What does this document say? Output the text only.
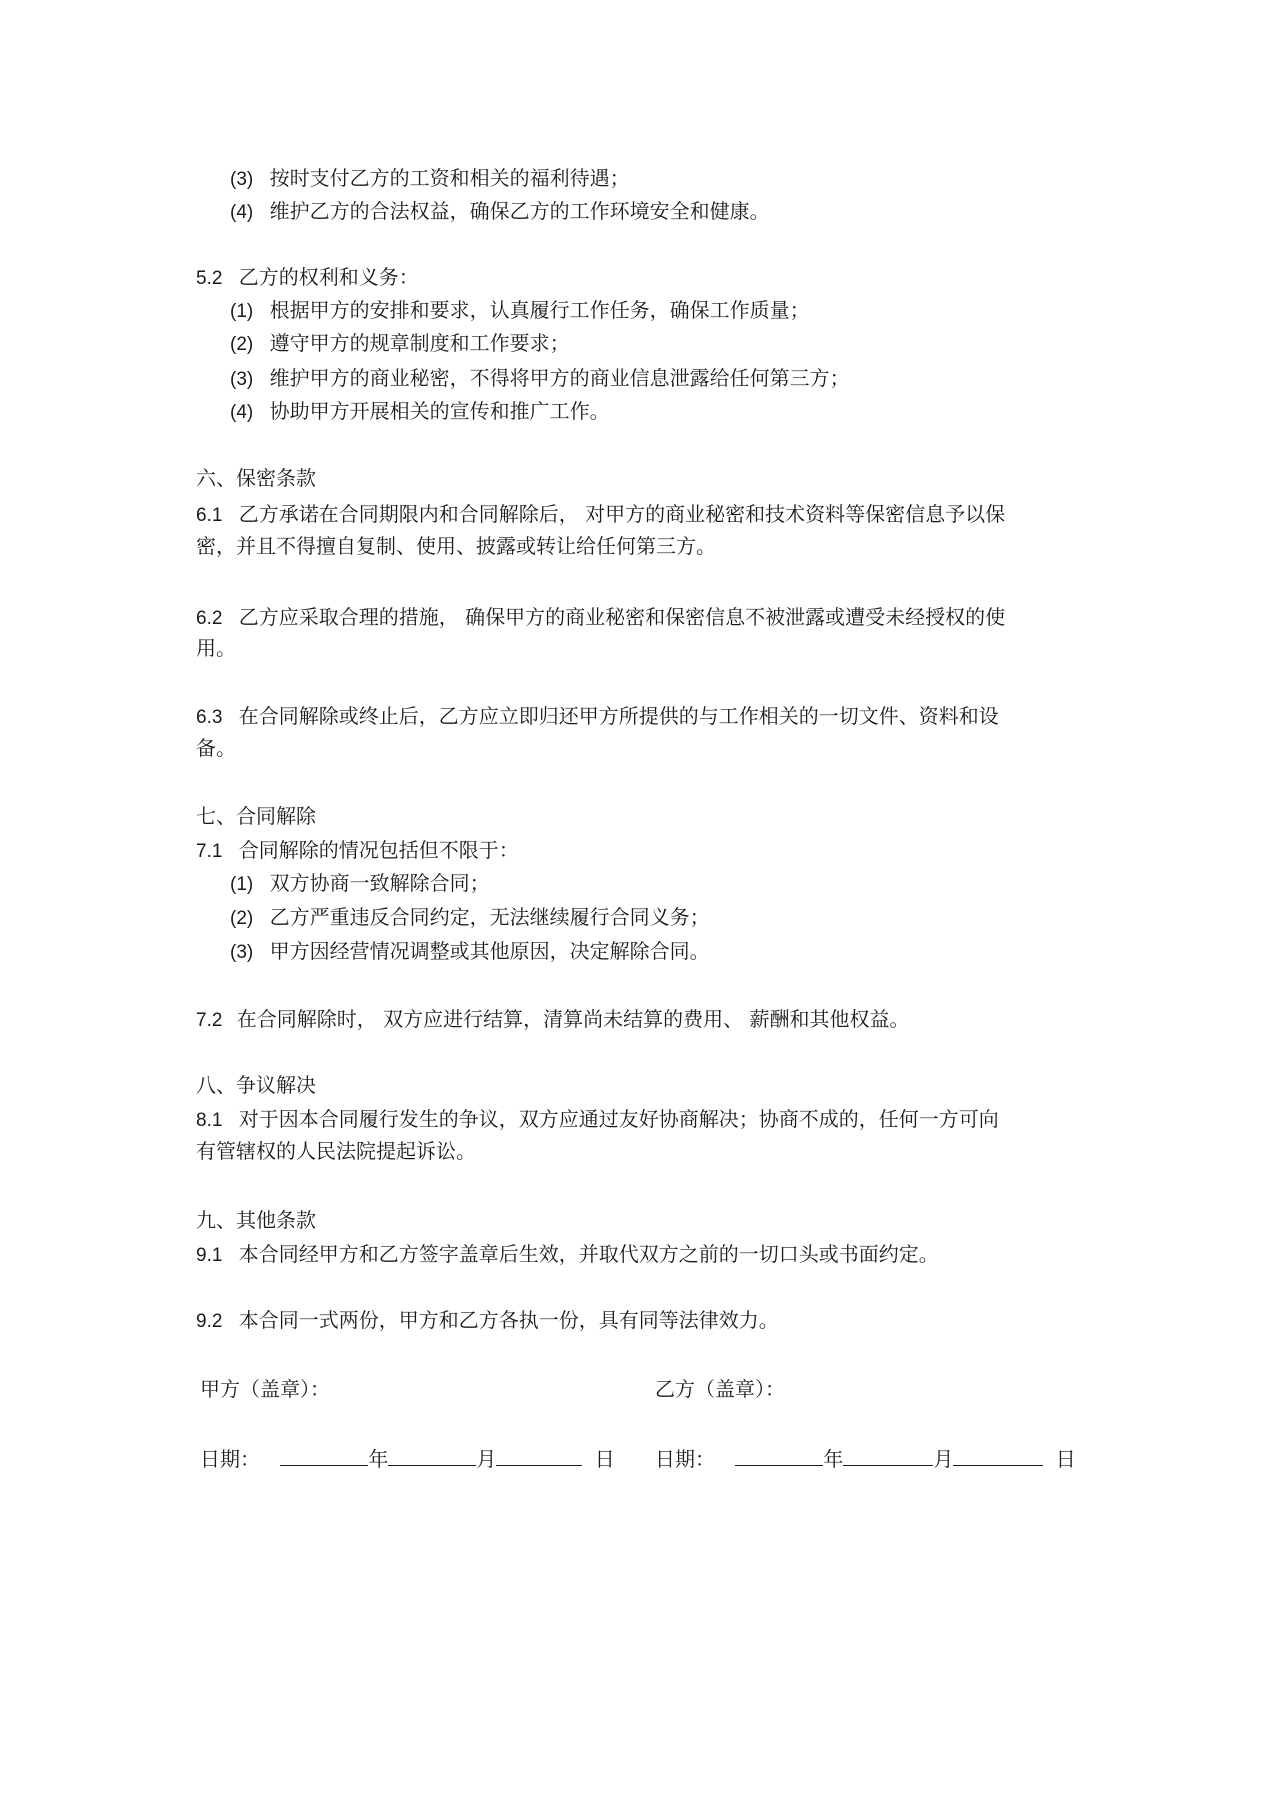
(3) 按时支付乙方的工资和相关的福利待遇；
(4) 维护乙方的合法权益，确保乙方的工作环境安全和健康。
5.2 乙方的权利和义务：
(1) 根据甲方的安排和要求，认真履行工作任务，确保工作质量；
(2) 遵守甲方的规章制度和工作要求；
(3) 维护甲方的商业秘密，不得将甲方的商业信息泄露给任何第三方；
(4) 协助甲方开展相关的宣传和推广工作。
六、保密条款
6.1 乙方承诺在合同期限内和合同解除后， 对甲方的商业秘密和技术资料等保密信息予以保
密，并且不得擅自复制、使用、披露或转让给任何第三方。
6.2 乙方应采取合理的措施， 确保甲方的商业秘密和保密信息不被泄露或遭受未经授权的使
用。
6.3 在合同解除或终止后，乙方应立即归还甲方所提供的与工作相关的一切文件、资料和设
备。
七、合同解除
7.1 合同解除的情况包括但不限于：
(1) 双方协商一致解除合同；
(2) 乙方严重违反合同约定，无法继续履行合同义务；
(3) 甲方因经营情况调整或其他原因，决定解除合同。
7.2 在合同解除时， 双方应进行结算，清算尚未结算的费用、 薪酬和其他权益。
八、争议解决
8.1 对于因本合同履行发生的争议，双方应通过友好协商解决；协商不成的，任何一方可向
有管辖权的人民法院提起诉讼。
九、其他条款
9.1 本合同经甲方和乙方签字盖章后生效，并取代双方之前的一切口头或书面约定。
9.2 本合同一式两份，甲方和乙方各执一份，具有同等法律效力。
甲方（盖章）：	乙方（盖章）：
日期：	年	月	日 日期：	年	月	日
